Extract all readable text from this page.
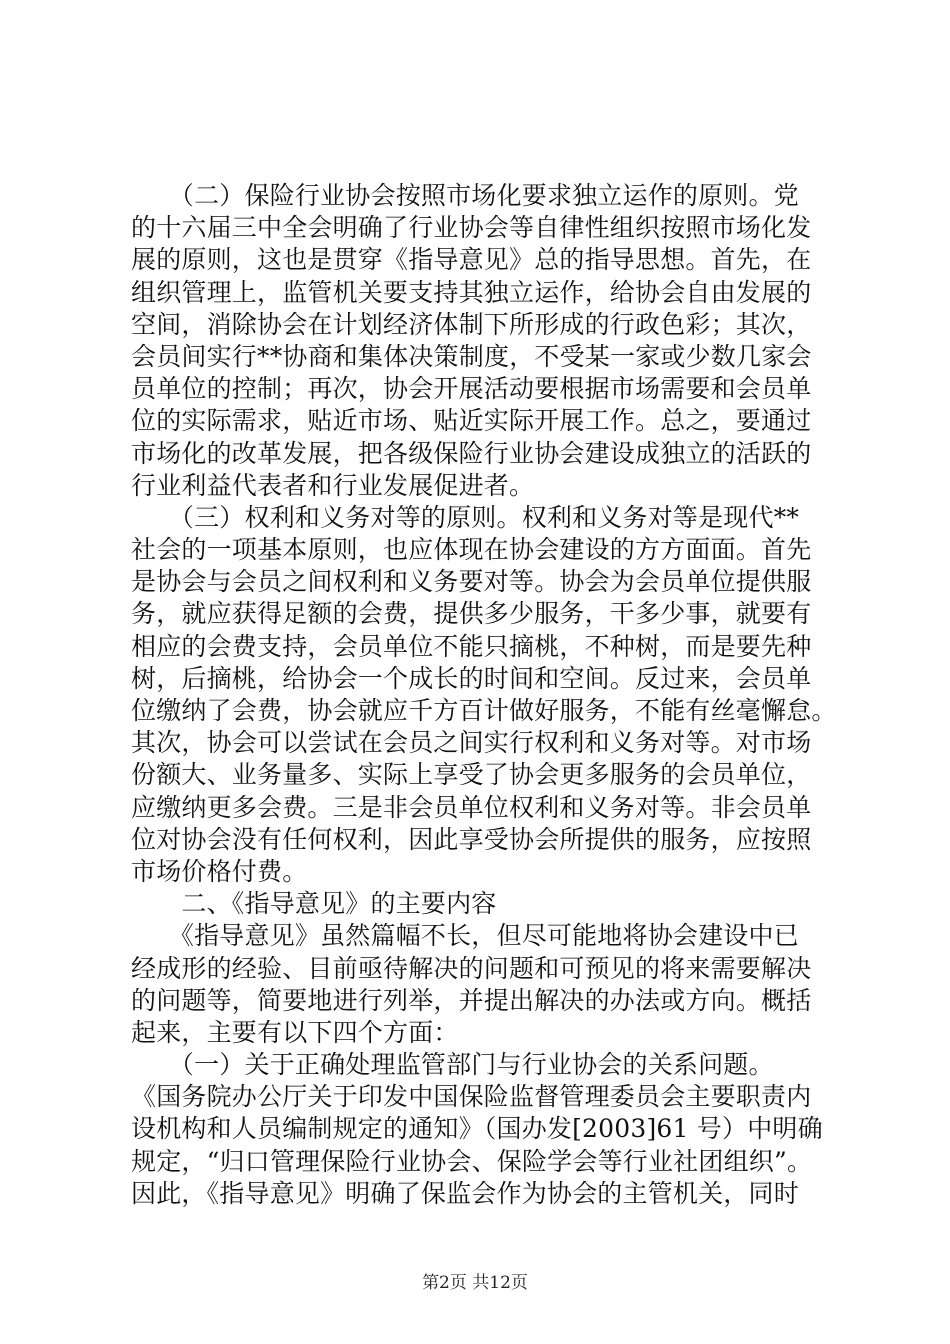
　　（二）保险行业协会按照市场化要求独立运作的原则。党
的十六届三中全会明确了行业协会等自律性组织按照市场化发
展的原则，这也是贯穿《指导意见》总的指导思想。首先，在
组织管理上，监管机关要支持其独立运作，给协会自由发展的
空间，消除协会在计划经济体制下所形成的行政色彩；其次，
会员间实行**协商和集体决策制度，不受某一家或少数几家会
员单位的控制；再次，协会开展活动要根据市场需要和会员单
位的实际需求，贴近市场、贴近实际开展工作。总之，要通过
市场化的改革发展，把各级保险行业协会建设成独立的活跃的
行业利益代表者和行业发展促进者。
　　（三）权利和义务对等的原则。权利和义务对等是现代**
社会的一项基本原则，也应体现在协会建设的方方面面。首先
是协会与会员之间权利和义务要对等。协会为会员单位提供服
务，就应获得足额的会费，提供多少服务，干多少事，就要有
相应的会费支持，会员单位不能只摘桃，不种树，而是要先种
树，后摘桃，给协会一个成长的时间和空间。反过来，会员单
位缴纳了会费，协会就应千方百计做好服务，不能有丝毫懈怠。
其次，协会可以尝试在会员之间实行权利和义务对等。对市场
份额大、业务量多、实际上享受了协会更多服务的会员单位，
应缴纳更多会费。三是非会员单位权利和义务对等。非会员单
位对协会没有任何权利，因此享受协会所提供的服务，应按照
市场价格付费。
　　二、《指导意见》的主要内容
　　《指导意见》虽然篇幅不长，但尽可能地将协会建设中已
经成形的经验、目前亟待解决的问题和可预见的将来需要解决
的问题等，简要地进行列举，并提出解决的办法或方向。概括
起来，主要有以下四个方面：
　　（一）关于正确处理监管部门与行业协会的关系问题。
《国务院办公厅关于印发中国保险监督管理委员会主要职责内
设机构和人员编制规定的通知》（国办发[2003]61 号）中明确
规定，“归口管理保险行业协会、保险学会等行业社团组织”。
因此，《指导意见》明确了保监会作为协会的主管机关，同时
第2页 共12页
